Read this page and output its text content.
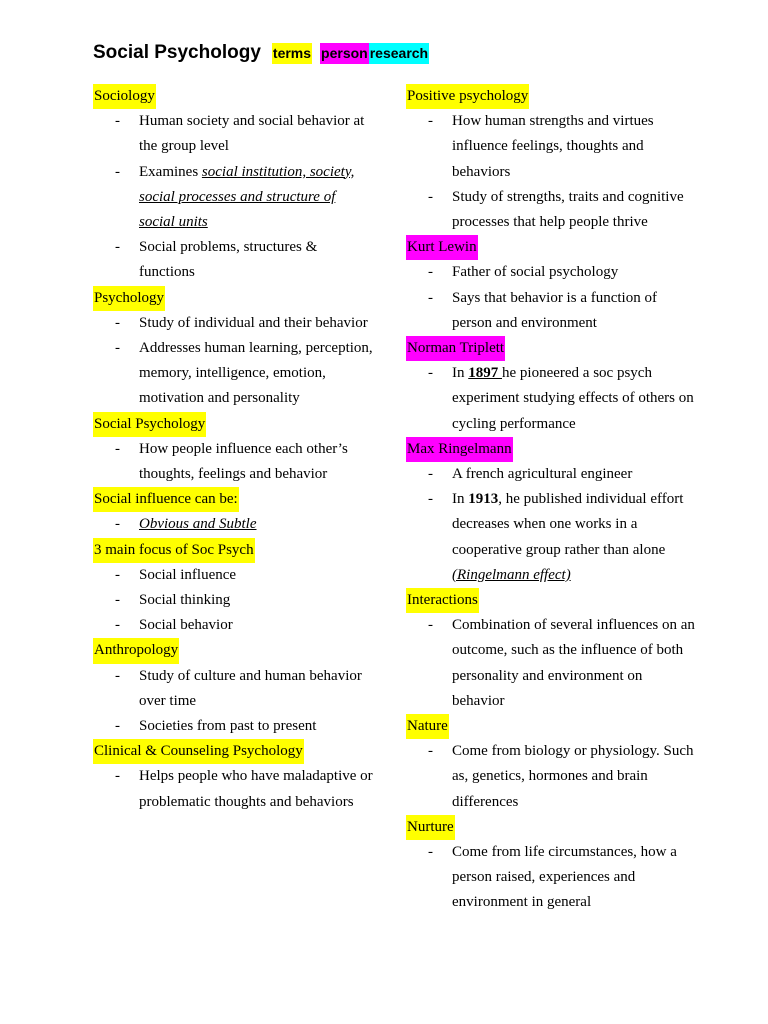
Social Psychology terms person research
Sociology
- Human society and social behavior at the group level
- Examines social institution, society, social processes and structure of social units
- Social problems, structures & functions
Psychology
- Study of individual and their behavior
- Addresses human learning, perception, memory, intelligence, emotion, motivation and personality
Social Psychology
- How people influence each other’s thoughts, feelings and behavior
Social influence can be:
- Obvious and Subtle
3 main focus of Soc Psych
- Social influence
- Social thinking
- Social behavior
Anthropology
- Study of culture and human behavior over time
- Societies from past to present
Clinical & Counseling Psychology
- Helps people who have maladaptive or problematic thoughts and behaviors
Positive psychology
- How human strengths and virtues influence feelings, thoughts and behaviors
- Study of strengths, traits and cognitive processes that help people thrive
Kurt Lewin
- Father of social psychology
- Says that behavior is a function of person and environment
Norman Triplett
- In 1897 he pioneered a soc psych experiment studying effects of others on cycling performance
Max Ringelmann
- A french agricultural engineer
- In 1913, he published individual effort decreases when one works in a cooperative group rather than alone (Ringelmann effect)
Interactions
- Combination of several influences on an outcome, such as the influence of both personality and environment on behavior
Nature
- Come from biology or physiology. Such as, genetics, hormones and brain differences
Nurture
- Come from life circumstances, how a person raised, experiences and environment in general
